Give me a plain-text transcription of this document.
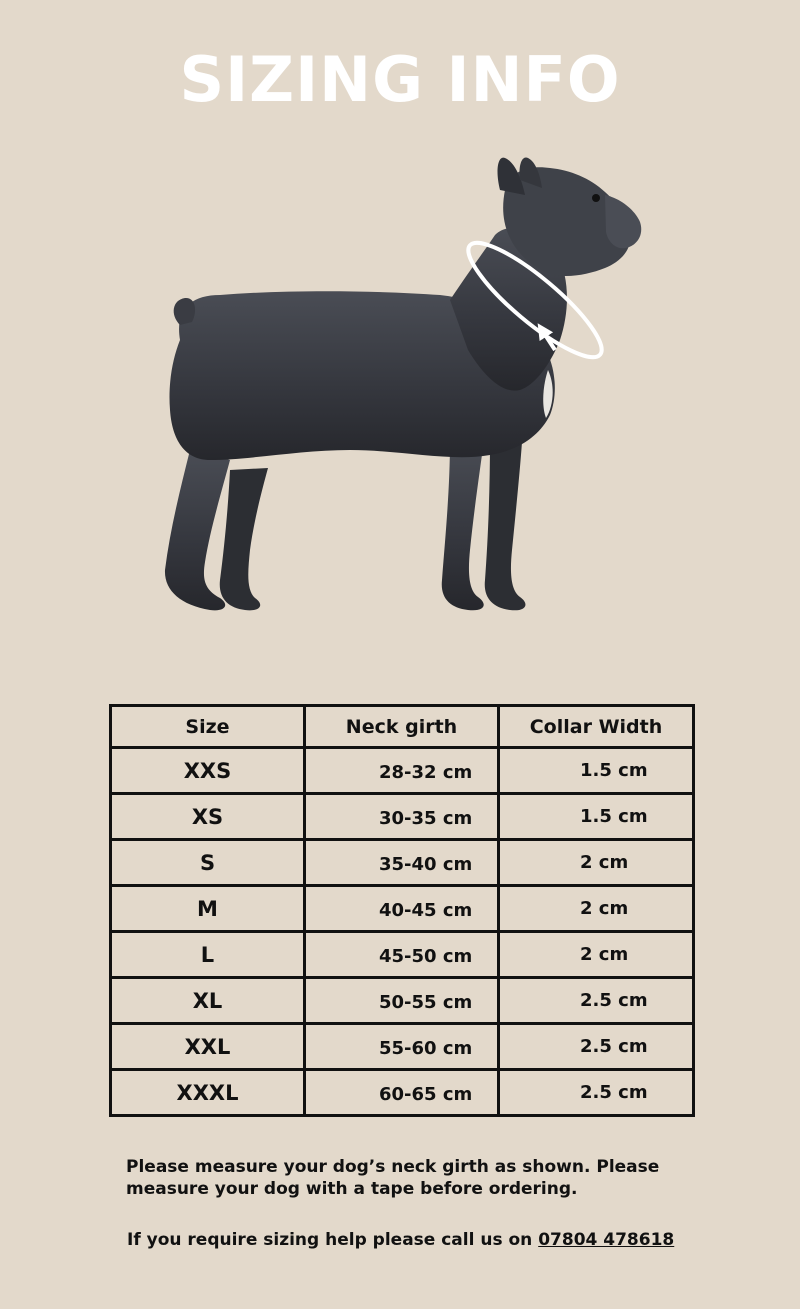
SIZING INFO
Size	Neck girth	Collar Width
XXS	28-32 cm	1.5 cm
XS	30-35 cm	1.5 cm
S	35-40 cm	2 cm
M	40-45 cm	2 cm
L	45-50 cm	2 cm
XL	50-55 cm	2.5 cm
XXL	55-60 cm	2.5 cm
XXXL	60-65 cm	2.5 cm
Please measure your dog’s neck girth as shown. Please
measure your dog with a tape before ordering.
If you require sizing help please call us on 07804 478618
